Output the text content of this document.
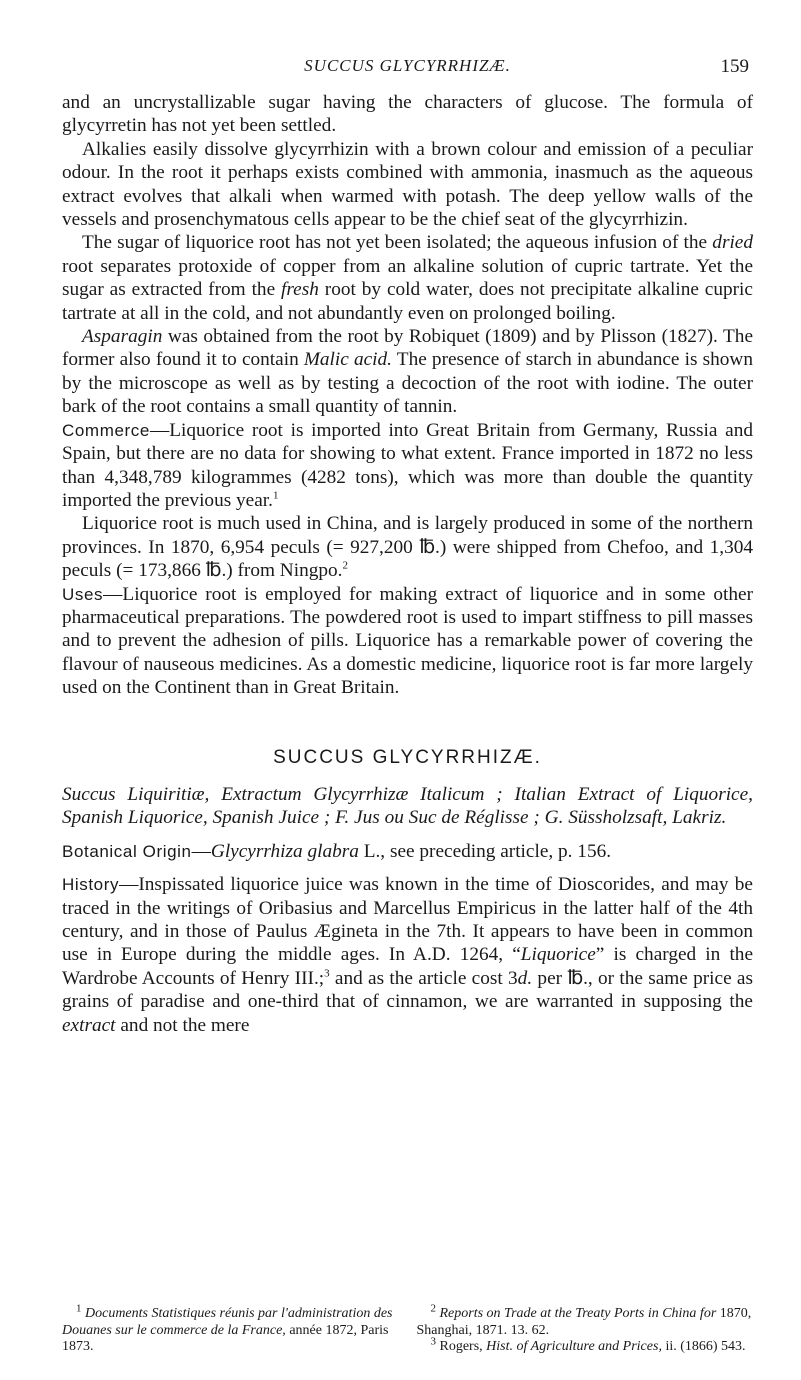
SUCCUS GLYCYRRHIZÆ.	159

and an uncrystallizable sugar having the characters of glucose. The formula of glycyrretin has not yet been settled.

Alkalies easily dissolve glycyrrhizin with a brown colour and emission of a peculiar odour. In the root it perhaps exists combined with ammonia, inasmuch as the aqueous extract evolves that alkali when warmed with potash. The deep yellow walls of the vessels and prosenchymatous cells appear to be the chief seat of the glycyrrhizin.

The sugar of liquorice root has not yet been isolated; the aqueous infusion of the dried root separates protoxide of copper from an alkaline solution of cupric tartrate. Yet the sugar as extracted from the fresh root by cold water, does not precipitate alkaline cupric tartrate at all in the cold, and not abundantly even on prolonged boiling.

Asparagin was obtained from the root by Robiquet (1809) and by Plisson (1827). The former also found it to contain Malic acid. The presence of starch in abundance is shown by the microscope as well as by testing a decoction of the root with iodine. The outer bark of the root contains a small quantity of tannin.

Commerce—Liquorice root is imported into Great Britain from Germany, Russia and Spain, but there are no data for showing to what extent. France imported in 1872 no less than 4,348,789 kilogrammes (4282 tons), which was more than double the quantity imported the previous year.$^1$

Liquorice root is much used in China, and is largely produced in some of the northern provinces. In 1870, 6,954 peculs (= 927,200 ℔.) were shipped from Chefoo, and 1,304 peculs (= 173,866 ℔.) from Ningpo.$^2$

Uses—Liquorice root is employed for making extract of liquorice and in some other pharmaceutical preparations. The powdered root is used to impart stiffness to pill masses and to prevent the adhesion of pills. Liquorice has a remarkable power of covering the flavour of nauseous medicines. As a domestic medicine, liquorice root is far more largely used on the Continent than in Great Britain.

SUCCUS GLYCYRRHIZÆ.

Succus Liquiritiæ, Extractum Glycyrrhizæ Italicum ; Italian Extract of Liquorice, Spanish Liquorice, Spanish Juice ; F. Jus ou Suc de Réglisse ; G. Süssholzsaft, Lakriz.

Botanical Origin—Glycyrrhiza glabra L., see preceding article, p. 156.

History—Inspissated liquorice juice was known in the time of Dioscorides, and may be traced in the writings of Oribasius and Marcellus Empiricus in the latter half of the 4th century, and in those of Paulus Ægineta in the 7th. It appears to have been in common use in Europe during the middle ages. In A.D. 1264, “Liquorice” is charged in the Wardrobe Accounts of Henry III.;$^3$ and as the article cost 3d. per ℔., or the same price as grains of paradise and one-third that of cinnamon, we are warranted in supposing the extract and not the mere

$^1$ Documents Statistiques réunis par l'administration des Douanes sur le commerce de la France, année 1872, Paris 1873.

$^2$ Reports on Trade at the Treaty Ports in China for 1870, Shanghai, 1871. 13. 62.

$^3$ Rogers, Hist. of Agriculture and Prices, ii. (1866) 543.
